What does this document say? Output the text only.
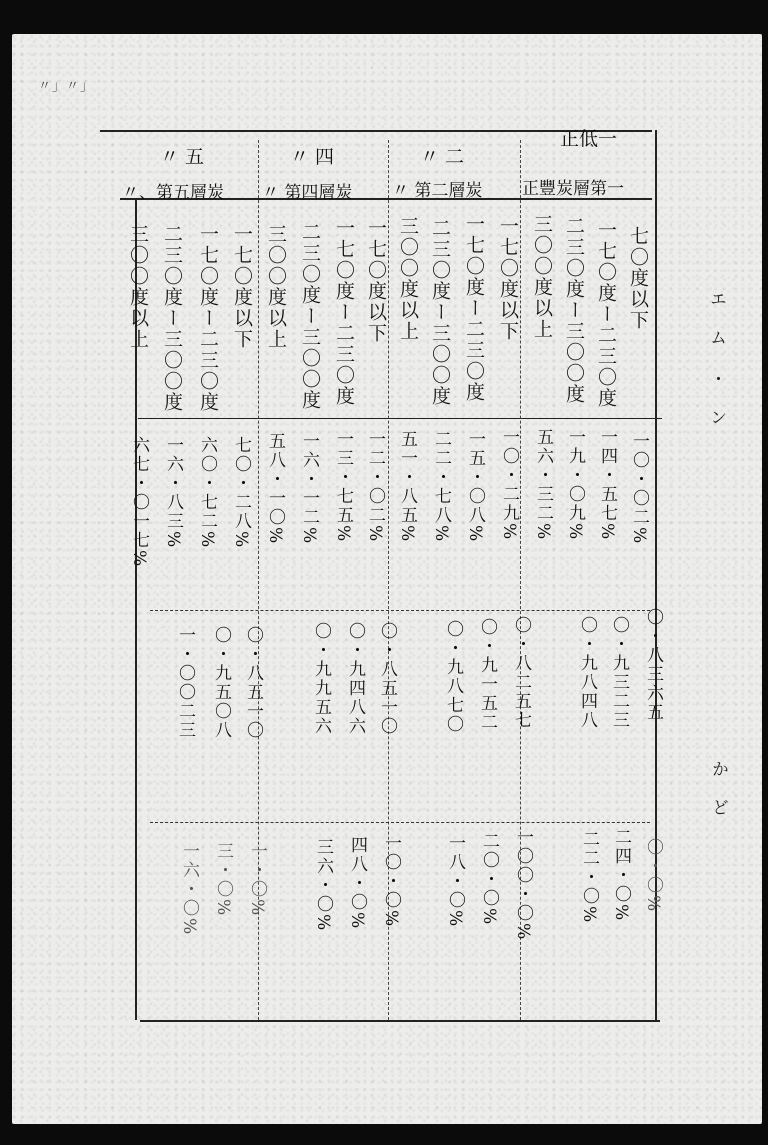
〃」〃」
〃 五	〃 四	〃 二
正低一
〃、第五層炭 〃 第四層炭 〃 第二層炭 正豐炭層第一
七〇度以下
一七〇度ー二三〇度
二三〇度ー三〇〇度
三〇〇度以上
一七〇度以下
一七〇度ー二三〇度
二三〇度ー三〇〇度
三〇〇度以上
一七〇度以下
一七〇度ー二三〇度
二三〇度ー三〇〇度
三〇〇度以上
一七〇度以下
一七〇度ー二三〇度
二三〇度ー三〇〇度
三〇〇度以上
一〇・〇二%
一四・五七%
一九・〇九%
五六・三二%
一〇・二九%
一五・〇八%
二二・七八%
五一・八五%
一二・〇二%
一三・七五%
一六・一二%
五八・一〇%
七〇・二八%
六〇・七二%
一六・八三%
六七・〇一七%
〇・八三六五
〇・九三二三
〇・九八四八
〇・八二五七
〇・九一五二
〇・九八七〇
〇・八五一〇
〇・九四八六
〇・九九五六
〇・八五一〇
〇・九五〇八
一・〇〇二三
〇・〇%
二四・〇%
二二・〇%
一〇〇・〇%
二〇・〇%
一八・〇%
一〇・〇%
四八・〇%
三六・〇%
一・〇%
三・〇%
一六・〇%
エ ム
・ ン
か ど
